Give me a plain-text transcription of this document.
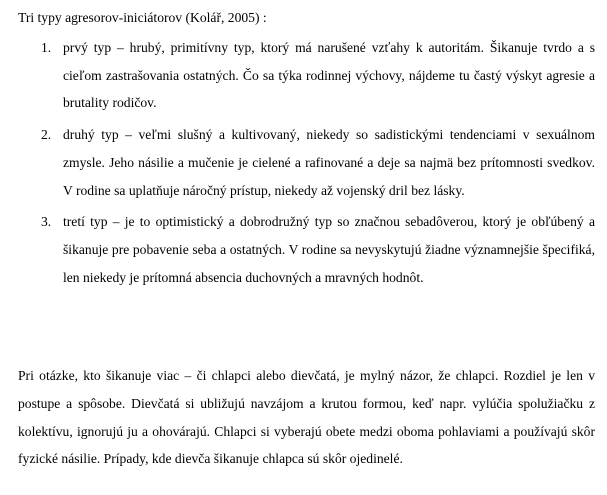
Tri typy agresorov-iniciátorov (Kolář, 2005) :
1. prvý typ – hrubý, primitívny typ, ktorý má narušené vzťahy k autoritám. Šikanuje tvrdo a s cieľom zastrašovania ostatných. Čo sa týka rodinnej výchovy, nájdeme tu častý výskyt agresie a brutality rodičov.
2. druhý typ – veľmi slušný a kultivovaný, niekedy so sadistickými tendenciami v sexuálnom zmysle. Jeho násilie a mučenie je cielené a rafinované a deje sa najmä bez prítomnosti svedkov. V rodine sa uplatňuje náročný prístup, niekedy až vojenský dril bez lásky.
3. tretí typ – je to optimistický a dobrodružný typ so značnou sebadôverou, ktorý je obľúbený a šikanuje pre pobavenie seba a ostatných. V rodine sa nevyskytujú žiadne významnejšie špecifiká, len niekedy je prítomná absencia duchovných a mravných hodnôt.

Pri otázke, kto šikanuje viac – či chlapci alebo dievčatá, je mylný názor, že chlapci. Rozdiel je len v postupe a spôsobe. Dievčatá si ubližujú navzájom a krutou formou, keď napr. vylúčia spolužiačku z kolektívu, ignorujú ju a ohovárajú. Chlapci si vyberajú obete medzi oboma pohlaviami a používajú skôr fyzické násilie. Prípady, kde dievča šikanuje chlapca sú skôr ojedinelé.
